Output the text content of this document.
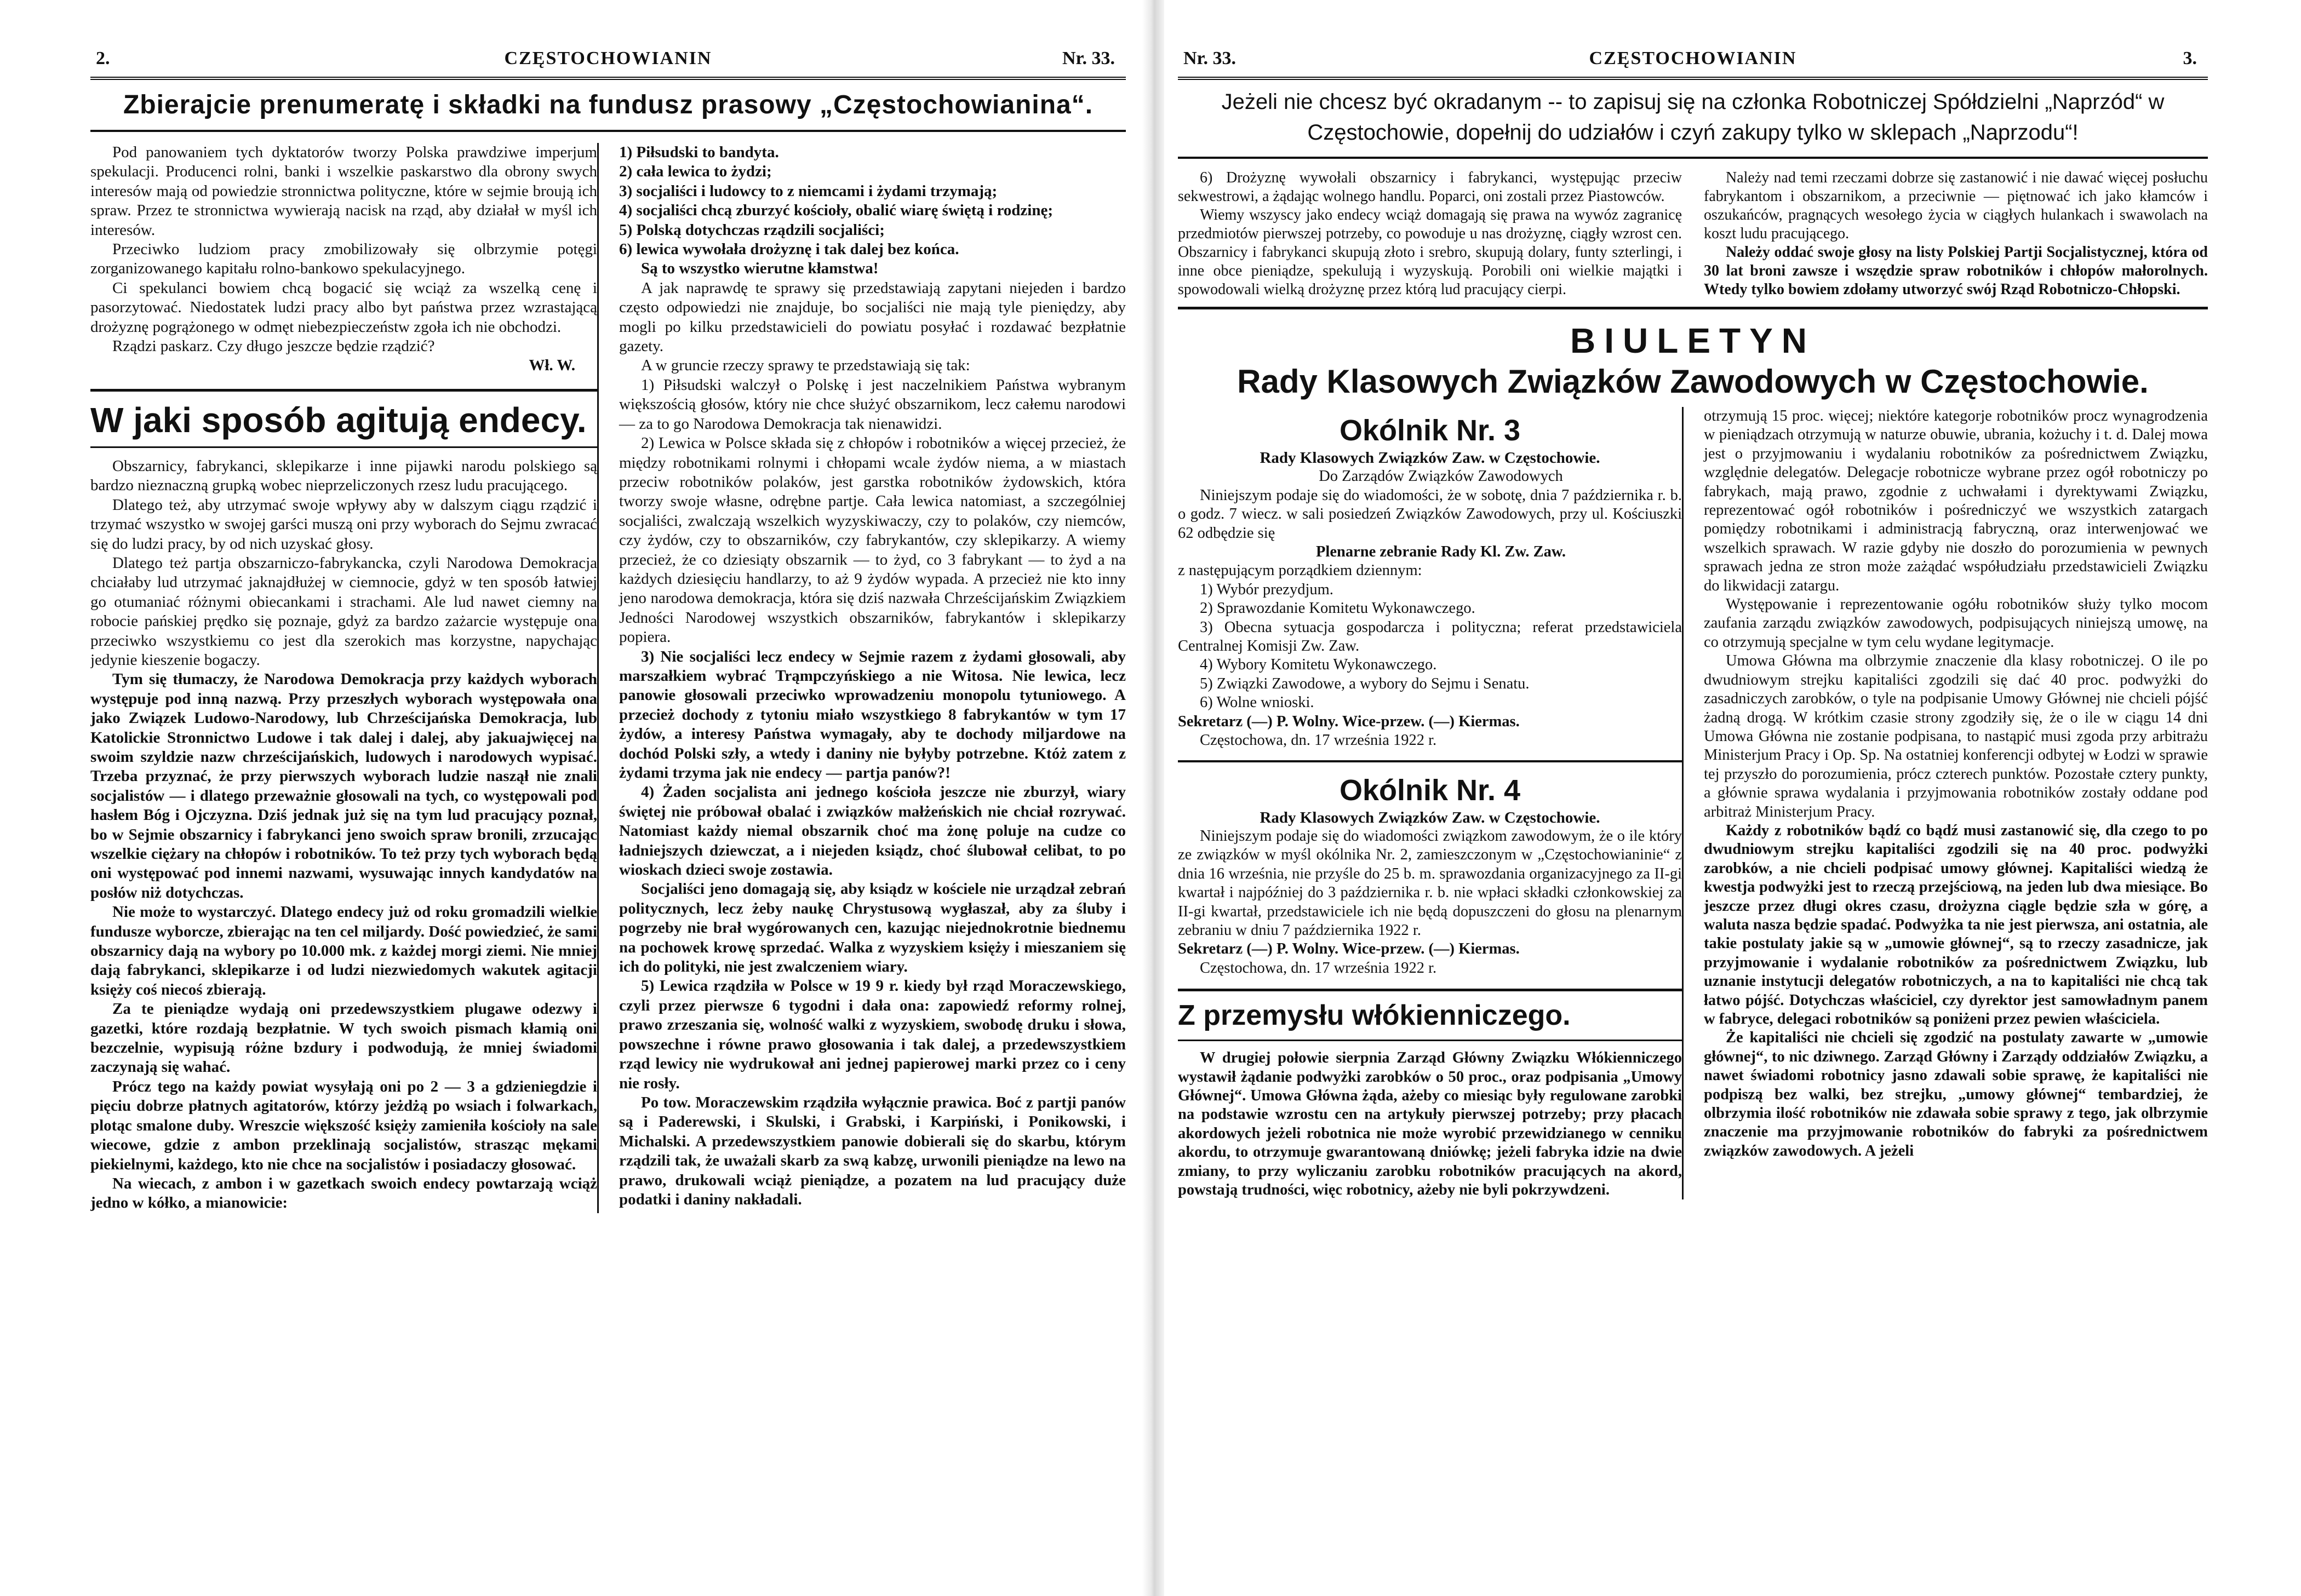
2.	CZĘSTOCHOWIANIN	Nr. 33.
Zbierajcie prenumeratę i składki na fundusz prasowy „Częstochowianina“.

Pod panowaniem tych dyktatorów tworzy Polska prawdziwe imperjum spekulacji. Producenci rolni, banki i wszelkie paskarstwo dla obrony swych interesów mają od powiedzie stronnictwa polityczne, które w sejmie broują ich spraw. Przez te stronnictwa wywierają nacisk na rząd, aby działał w myśl ich interesów.

Przeciwko ludziom pracy zmobilizowały się olbrzymie potęgi zorganizowanego kapitału rolno-bankowo spekulacyjnego.

Ci spekulanci bowiem chcą bogacić się wciąż za wszelką cenę i pasorzytować. Niedostatek ludzi pracy albo byt państwa przez wzrastającą drożyznę pogrążonego w odmęt niebezpieczeństw zgoła ich nie obchodzi.

Rządzi paskarz. Czy długo jeszcze będzie rządzić?

Wł. W.

W jaki sposób agitują endecy.

Obszarnicy, fabrykanci, sklepikarze i inne pijawki narodu polskiego są bardzo nieznaczną grupką wobec nieprzeliczonych rzesz ludu pracującego.

Dlatego też, aby utrzymać swoje wpływy aby w dalszym ciągu rządzić i trzymać wszystko w swojej garści muszą oni przy wyborach do Sejmu zwracać się do ludzi pracy, by od nich uzyskać głosy.

Dlatego też partja obszarniczo-fabrykancka, czyli Narodowa Demokracja chciałaby lud utrzymać jaknajdłużej w ciemnocie, gdyż w ten sposób łatwiej go otumaniać różnymi obiecankami i strachami. Ale lud nawet ciemny na robocie pańskiej prędko się poznaje, gdyż za bardzo zażarcie występuje ona przeciwko wszystkiemu co jest dla szerokich mas korzystne, napychając jedynie kieszenie bogaczy.

Tym się tłumaczy, że Narodowa Demokracja przy każdych wyborach występuje pod inną nazwą. Przy przeszłych wyborach występowała ona jako Związek Ludowo-Narodowy, lub Chrześcijańska Demokracja, lub Katolickie Stronnictwo Ludowe i tak dalej i dalej, aby jakuajwięcej na swoim szyldzie nazw chrześcijańskich, ludowych i narodowych wypisać. Trzeba przyznać, że przy pierwszych wyborach ludzie naszął nie znali socjalistów — i dlatego przeważnie głosowali na tych, co występowali pod hasłem Bóg i Ojczyzna. Dziś jednak już się na tym lud pracujący poznał, bo w Sejmie obszarnicy i fabrykanci jeno swoich spraw bronili, zrzucając wszelkie ciężary na chłopów i robotników. To też przy tych wyborach będą oni występować pod innemi nazwami, wysuwając innych kandydatów na posłów niż dotychczas.

Nie może to wystarczyć. Dlatego endecy już od roku gromadzili wielkie fundusze wyborcze, zbierając na ten cel miljardy. Dość powiedzieć, że sami obszarnicy dają na wybory po 10.000 mk. z każdej morgi ziemi. Nie mniej dają fabrykanci, sklepikarze i od ludzi niezwiedomych wakutek agitacji księży coś niecoś zbierają.

Za te pieniądze wydają oni przedewszystkiem plugawe odezwy i gazetki, które rozdają bezpłatnie. W tych swoich pismach kłamią oni bezczelnie, wypisują różne bzdury i podwodują, że mniej świadomi zaczynają się wahać.

Prócz tego na każdy powiat wysyłają oni po 2 — 3 a gdzieniegdzie i pięciu dobrze płatnych agitatorów, którzy jeżdżą po wsiach i folwarkach, plotąc smalone duby. Wreszcie większość księży zamieniła kościoły na sale wiecowe, gdzie z ambon przeklinają socjalistów, strasząc mękami piekielnymi, każdego, kto nie chce na socjalistów i posiadaczy głosować.

Na wiecach, z ambon i w gazetkach swoich endecy powtarzają wciąż jedno w kółko, a mianowicie:

1) Piłsudski to bandyta.

2) cała lewica to żydzi;

3) socjaliści i ludowcy to z niemcami i żydami trzymają;

4) socjaliści chcą zburzyć kościoły, obalić wiarę świętą i rodzinę;

5) Polską dotychczas rządzili socjaliści;

6) lewica wywołała drożyznę i tak dalej bez końca.

Są to wszystko wierutne kłamstwa!

A jak naprawdę te sprawy się przedstawiają zapytani niejeden i bardzo często odpowiedzi nie znajduje, bo socjaliści nie mają tyle pieniędzy, aby mogli po kilku przedstawicieli do powiatu posyłać i rozdawać bezpłatnie gazety.

A w gruncie rzeczy sprawy te przedstawiają się tak:

1) Piłsudski walczył o Polskę i jest naczelnikiem Państwa wybranym większością głosów, który nie chce służyć obszarnikom, lecz całemu narodowi — za to go Narodowa Demokracja tak nienawidzi.

2) Lewica w Polsce składa się z chłopów i robotników a więcej przecież, że między robotnikami rolnymi i chłopami wcale żydów niema, a w miastach przeciw robotników polaków, jest garstka robotników żydowskich, która tworzy swoje własne, odrębne partje. Cała lewica natomiast, a szczególniej socjaliści, zwalczają wszelkich wyzyskiwaczy, czy to polaków, czy niemców, czy żydów, czy to obszarników, czy fabrykantów, czy sklepikarzy. A wiemy przecież, że co dziesiąty obszarnik — to żyd, co 3 fabrykant — to żyd a na każdych dziesięciu handlarzy, to aż 9 żydów wypada. A przecież nie kto inny jeno narodowa demokracja, która się dziś nazwała Chrześcijańskim Związkiem Jedności Narodowej wszystkich obszarników, fabrykantów i sklepikarzy popiera.

3) Nie socjaliści lecz endecy w Sejmie razem z żydami głosowali, aby marszałkiem wybrać Trąmpczyńskiego a nie Witosa. Nie lewica, lecz panowie głosowali przeciwko wprowadzeniu monopolu tytuniowego. A przecież dochody z tytoniu miało wszystkiego 8 fabrykantów w tym 17 żydów, a interesy Państwa wymagały, aby te dochody miljardowe na dochód Polski szły, a wtedy i daniny nie byłyby potrzebne. Któż zatem z żydami trzyma jak nie endecy — partja panów?!

4) Żaden socjalista ani jednego kościoła jeszcze nie zburzył, wiary świętej nie próbował obalać i związków małżeńskich nie chciał rozrywać. Natomiast każdy niemal obszarnik choć ma żonę poluje na cudze co ładniejszych dziewczat, a i niejeden ksiądz, choć ślubował celibat, to po wioskach dzieci swoje zostawia.

Socjaliści jeno domagają się, aby ksiądz w kościele nie urządzał zebrań politycznych, lecz żeby naukę Chrystusową wygłaszał, aby za śluby i pogrzeby nie brał wygórowanych cen, kazując niejednokrotnie biednemu na pochowek krowę sprzedać. Walka z wyzyskiem księży i mieszaniem się ich do polityki, nie jest zwalczeniem wiary.

5) Lewica rządziła w Polsce w 19 9 r. kiedy był rząd Moraczewskiego, czyli przez pierwsze 6 tygodni i dała ona: zapowiedź reformy rolnej, prawo zrzeszania się, wolność walki z wyzyskiem, swobodę druku i słowa, powszechne i równe prawo głosowania i tak dalej, a przedewszystkiem rząd lewicy nie wydrukował ani jednej papierowej marki przez co i ceny nie rosły.

Po tow. Moraczewskim rządziła wyłącznie prawica. Boć z partji panów są i Paderewski, i Skulski, i Grabski, i Karpiński, i Ponikowski, i Michalski. A przedewszystkiem panowie dobierali się do skarbu, którym rządzili tak, że uważali skarb za swą kabzę, urwonili pieniądze na lewo na prawo, drukowali wciąż pieniądze, a pozatem na lud pracujący duże podatki i daniny nakładali.

Nr. 33.	CZĘSTOCHOWIANIN	3.
Jeżeli nie chcesz być okradanym -- to zapisuj się na członka Robotniczej Spółdzielni „Naprzód“ w Częstochowie, dopełnij do udziałów i czyń zakupy tylko w sklepach „Naprzodu“!

6) Drożyznę wywołali obszarnicy i fabrykanci, występując przeciw sekwestrowi, a żądając wolnego handlu. Poparci, oni zostali przez Piastowców.

Wiemy wszyscy jako endecy wciąż domagają się prawa na wywóz zagranicę przedmiotów pierwszej potrzeby, co powoduje u nas drożyznę, ciągły wzrost cen. Obszarnicy i fabrykanci skupują złoto i srebro, skupują dolary, funty szterlingi, i inne obce pieniądze, spekulują i wyzyskują. Porobili oni wielkie majątki i spowodowali wielką drożyznę przez którą lud pracujący cierpi.

Należy nad temi rzeczami dobrze się zastanowić i nie dawać więcej posłuchu fabrykantom i obszarnikom, a przeciwnie — piętnować ich jako kłamców i oszukańców, pragnących wesołego życia w ciągłych hulankach i swawolach na koszt ludu pracującego.

Należy oddać swoje głosy na listy Polskiej Partji Socjalistycznej, która od 30 lat broni zawsze i wszędzie spraw robotników i chłopów małorolnych. Wtedy tylko bowiem zdołamy utworzyć swój Rząd Robotniczo-Chłopski.

BIULETYN
Rady Klasowych Związków Zawodowych w Częstochowie.
Okólnik Nr. 3
Rady Klasowych Związków Zaw. w Częstochowie.

Do Zarządów Związków Zawodowych

Niniejszym podaje się do wiadomości, że w sobotę, dnia 7 października r. b. o godz. 7 wiecz. w sali posiedzeń Związków Zawodowych, przy ul. Kościuszki 62 odbędzie się

Plenarne zebranie Rady Kl. Zw. Zaw.

z następującym porządkiem dziennym:

1) Wybór prezydjum.

2) Sprawozdanie Komitetu Wykonawczego.

3) Obecna sytuacja gospodarcza i polityczna; referat przedstawiciela Centralnej Komisji Zw. Zaw.

4) Wybory Komitetu Wykonawczego.

5) Związki Zawodowe, a wybory do Sejmu i Senatu.

6) Wolne wnioski.

Sekretarz (—) P. Wolny. Wice-przew. (—) Kiermas.

Częstochowa, dn. 17 września 1922 r.

Okólnik Nr. 4
Rady Klasowych Związków Zaw. w Częstochowie.

Niniejszym podaje się do wiadomości związkom zawodowym, że o ile który ze związków w myśl okólnika Nr. 2, zamieszczonym w „Częstochowianinie“ z dnia 16 września, nie przyśle do 25 b. m. sprawozdania organizacyjnego za II-gi kwartał i najpóźniej do 3 października r. b. nie wpłaci składki członkowskiej za II-gi kwartał, przedstawiciele ich nie będą dopuszczeni do głosu na plenarnym zebraniu w dniu 7 października 1922 r.

Sekretarz (—) P. Wolny. Wice-przew. (—) Kiermas.

Częstochowa, dn. 17 września 1922 r.

Z przemysłu włókienniczego.

W drugiej połowie sierpnia Zarząd Główny Związku Włókienniczego wystawił żądanie podwyżki zarobków o 50 proc., oraz podpisania „Umowy Głównej“. Umowa Główna żąda, ażeby co miesiąc były regulowane zarobki na podstawie wzrostu cen na artykuły pierwszej potrzeby; przy płacach akordowych jeżeli robotnica nie może wyrobić przewidzianego w cenniku akordu, to otrzymuje gwarantowaną dniówkę; jeżeli fabryka idzie na dwie zmiany, to przy wyliczaniu zarobku robotników pracujących na akord, powstają trudności, więc robotnicy, ażeby nie byli pokrzywdzeni.

otrzymują 15 proc. więcej; niektóre kategorje robotników procz wynagrodzenia w pieniądzach otrzymują w naturze obuwie, ubrania, kożuchy i t. d. Dalej mowa jest o przyjmowaniu i wydalaniu robotników za pośrednictwem Związku, względnie delegatów. Delegacje robotnicze wybrane przez ogół robotniczy po fabrykach, mają prawo, zgodnie z uchwałami i dyrektywami Związku, reprezentować ogół robotników i pośredniczyć we wszystkich zatargach pomiędzy robotnikami i administracją fabryczną, oraz interwenjować we wszelkich sprawach. W razie gdyby nie doszło do porozumienia w pewnych sprawach jedna ze stron może zażądać współudziału przedstawicieli Związku do likwidacji zatargu.

Występowanie i reprezentowanie ogółu robotników służy tylko mocom zaufania zarządu związków zawodowych, podpisujących niniejszą umowę, na co otrzymują specjalne w tym celu wydane legitymacje.

Umowa Główna ma olbrzymie znaczenie dla klasy robotniczej. O ile po dwudniowym strejku kapitaliści zgodzili się dać 40 proc. podwyżki do zasadniczych zarobków, o tyle na podpisanie Umowy Głównej nie chcieli pójść żadną drogą. W krótkim czasie strony zgodziły się, że o ile w ciągu 14 dni Umowa Główna nie zostanie podpisana, to nastąpić musi zgoda przy arbitrażu Ministerjum Pracy i Op. Sp. Na ostatniej konferencji odbytej w Łodzi w sprawie tej przyszło do porozumienia, prócz czterech punktów. Pozostałe cztery punkty, a głównie sprawa wydalania i przyjmowania robotników zostały oddane pod arbitraż Ministerjum Pracy.

Każdy z robotników bądź co bądź musi zastanowić się, dla czego to po dwudniowym strejku kapitaliści zgodzili się na 40 proc. podwyżki zarobków, a nie chcieli podpisać umowy głównej. Kapitaliści wiedzą że kwestja podwyżki jest to rzeczą przejściową, na jeden lub dwa miesiące. Bo jeszcze przez długi okres czasu, drożyzna ciągle będzie szła w górę, a waluta nasza będzie spadać. Podwyżka ta nie jest pierwsza, ani ostatnia, ale takie postulaty jakie są w „umowie głównej“, są to rzeczy zasadnicze, jak przyjmowanie i wydalanie robotników za pośrednictwem Związku, lub uznanie instytucji delegatów robotniczych, a na to kapitaliści nie chcą tak łatwo pójść. Dotychczas właściciel, czy dyrektor jest samowładnym panem w fabryce, delegaci robotników są poniżeni przez pewien właściciela.

Że kapitaliści nie chcieli się zgodzić na postulaty zawarte w „umowie głównej“, to nic dziwnego. Zarząd Główny i Zarządy oddziałów Związku, a nawet świadomi robotnicy jasno zdawali sobie sprawę, że kapitaliści nie podpiszą bez walki, bez strejku, „umowy głównej“ tembardziej, że olbrzymia ilość robotników nie zdawała sobie sprawy z tego, jak olbrzymie znaczenie ma przyjmowanie robotników do fabryki za pośrednictwem związków zawodowych. A jeżeli
